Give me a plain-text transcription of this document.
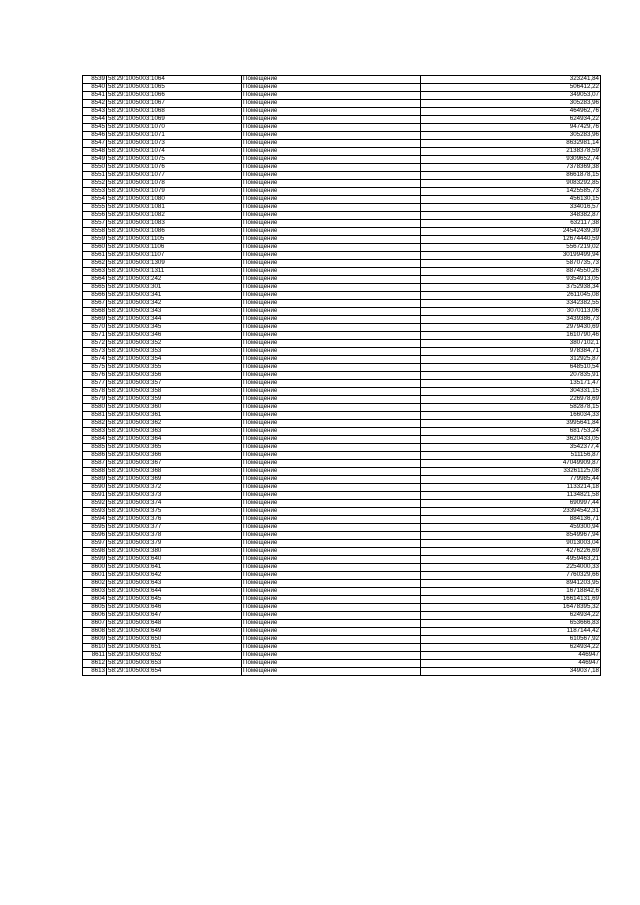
8539	58:29:1005003:1064	Помещение	323241,84
8540	58:29:1005003:1065	Помещение	506412,22
8541	58:29:1005003:1066	Помещение	349053,07
8542	58:29:1005003:1067	Помещение	305283,96
8543	58:29:1005003:1068	Помещение	464962,76
8544	58:29:1005003:1069	Помещение	624934,22
8545	58:29:1005003:1070	Помещение	947429,76
8546	58:29:1005003:1071	Помещение	305283,96
8547	58:29:1005003:1073	Помещение	8632981,14
8548	58:29:1005003:1074	Помещение	2138378,59
8549	58:29:1005003:1075	Помещение	9309652,74
8550	58:29:1005003:1076	Помещение	7378369,38
8551	58:29:1005003:1077	Помещение	8661878,15
8552	58:29:1005003:1078	Помещение	9083292,85
8553	58:29:1005003:1079	Помещение	1425585,73
8554	58:29:1005003:1080	Помещение	456130,15
8555	58:29:1005003:1081	Помещение	334016,57
8556	58:29:1005003:1082	Помещение	348382,87
8557	58:29:1005003:1083	Помещение	632117,38
8558	58:29:1005003:1086	Помещение	24542439,39
8559	58:29:1005003:1105	Помещение	12674440,59
8560	58:29:1005003:1106	Помещение	5567219,02
8561	58:29:1005003:1107	Помещение	30199499,94
8562	58:29:1005003:1309	Помещение	5870735,73
8563	58:29:1005003:1311	Помещение	8874550,26
8564	58:29:1005003:242	Помещение	9354913,05
8565	58:29:1005003:301	Помещение	3752938,34
8566	58:29:1005003:341	Помещение	2611045,08
8567	58:29:1005003:342	Помещение	3342382,55
8568	58:29:1005003:343	Помещение	3070113,06
8569	58:29:1005003:344	Помещение	3439386,73
8570	58:29:1005003:345	Помещение	2979430,69
8571	58:29:1005003:346	Помещение	1610790,46
8572	58:29:1005003:352	Помещение	3807102,1
8573	58:29:1005003:353	Помещение	978384,71
8574	58:29:1005003:354	Помещение	312925,87
8575	58:29:1005003:355	Помещение	648510,54
8576	58:29:1005003:356	Помещение	207835,91
8577	58:29:1005003:357	Помещение	135171,47
8578	58:29:1005003:358	Помещение	304331,15
8579	58:29:1005003:359	Помещение	226978,69
8580	58:29:1005003:360	Помещение	582878,15
8581	58:29:1005003:361	Помещение	166034,33
8582	58:29:1005003:362	Помещение	3995641,84
8583	58:29:1005003:363	Помещение	681753,24
8584	58:29:1005003:364	Помещение	3620433,05
8585	58:29:1005003:365	Помещение	3542377,4
8586	58:29:1005003:366	Помещение	511156,87
8587	58:29:1005003:367	Помещение	47049909,87
8588	58:29:1005003:368	Помещение	33261125,08
8589	58:29:1005003:369	Помещение	779985,44
8590	58:29:1005003:372	Помещение	1133214,18
8591	58:29:1005003:373	Помещение	1134821,58
8592	58:29:1005003:374	Помещение	690997,44
8593	58:29:1005003:375	Помещение	23394542,31
8594	58:29:1005003:376	Помещение	884136,71
8595	58:29:1005003:377	Помещение	459300,94
8596	58:29:1005003:378	Помещение	8549967,94
8597	58:29:1005003:379	Помещение	9013003,04
8598	58:29:1005003:380	Помещение	4276226,69
8599	58:29:1005003:640	Помещение	4959463,21
8600	58:29:1005003:641	Помещение	2254000,33
8601	58:29:1005003:642	Помещение	7760329,66
8602	58:29:1005003:643	Помещение	8941203,95
8603	58:29:1005003:644	Помещение	16718842,6
8604	58:29:1005003:645	Помещение	16614131,69
8605	58:29:1005003:646	Помещение	16478395,32
8606	58:29:1005003:647	Помещение	624934,22
8607	58:29:1005003:648	Помещение	653666,83
8608	58:29:1005003:649	Помещение	1187144,42
8609	58:29:1005003:650	Помещение	610567,92
8610	58:29:1005003:651	Помещение	624934,22
8611	58:29:1005003:652	Помещение	446947
8612	58:29:1005003:653	Помещение	446947
8613	58:29:1005003:654	Помещение	349037,18
